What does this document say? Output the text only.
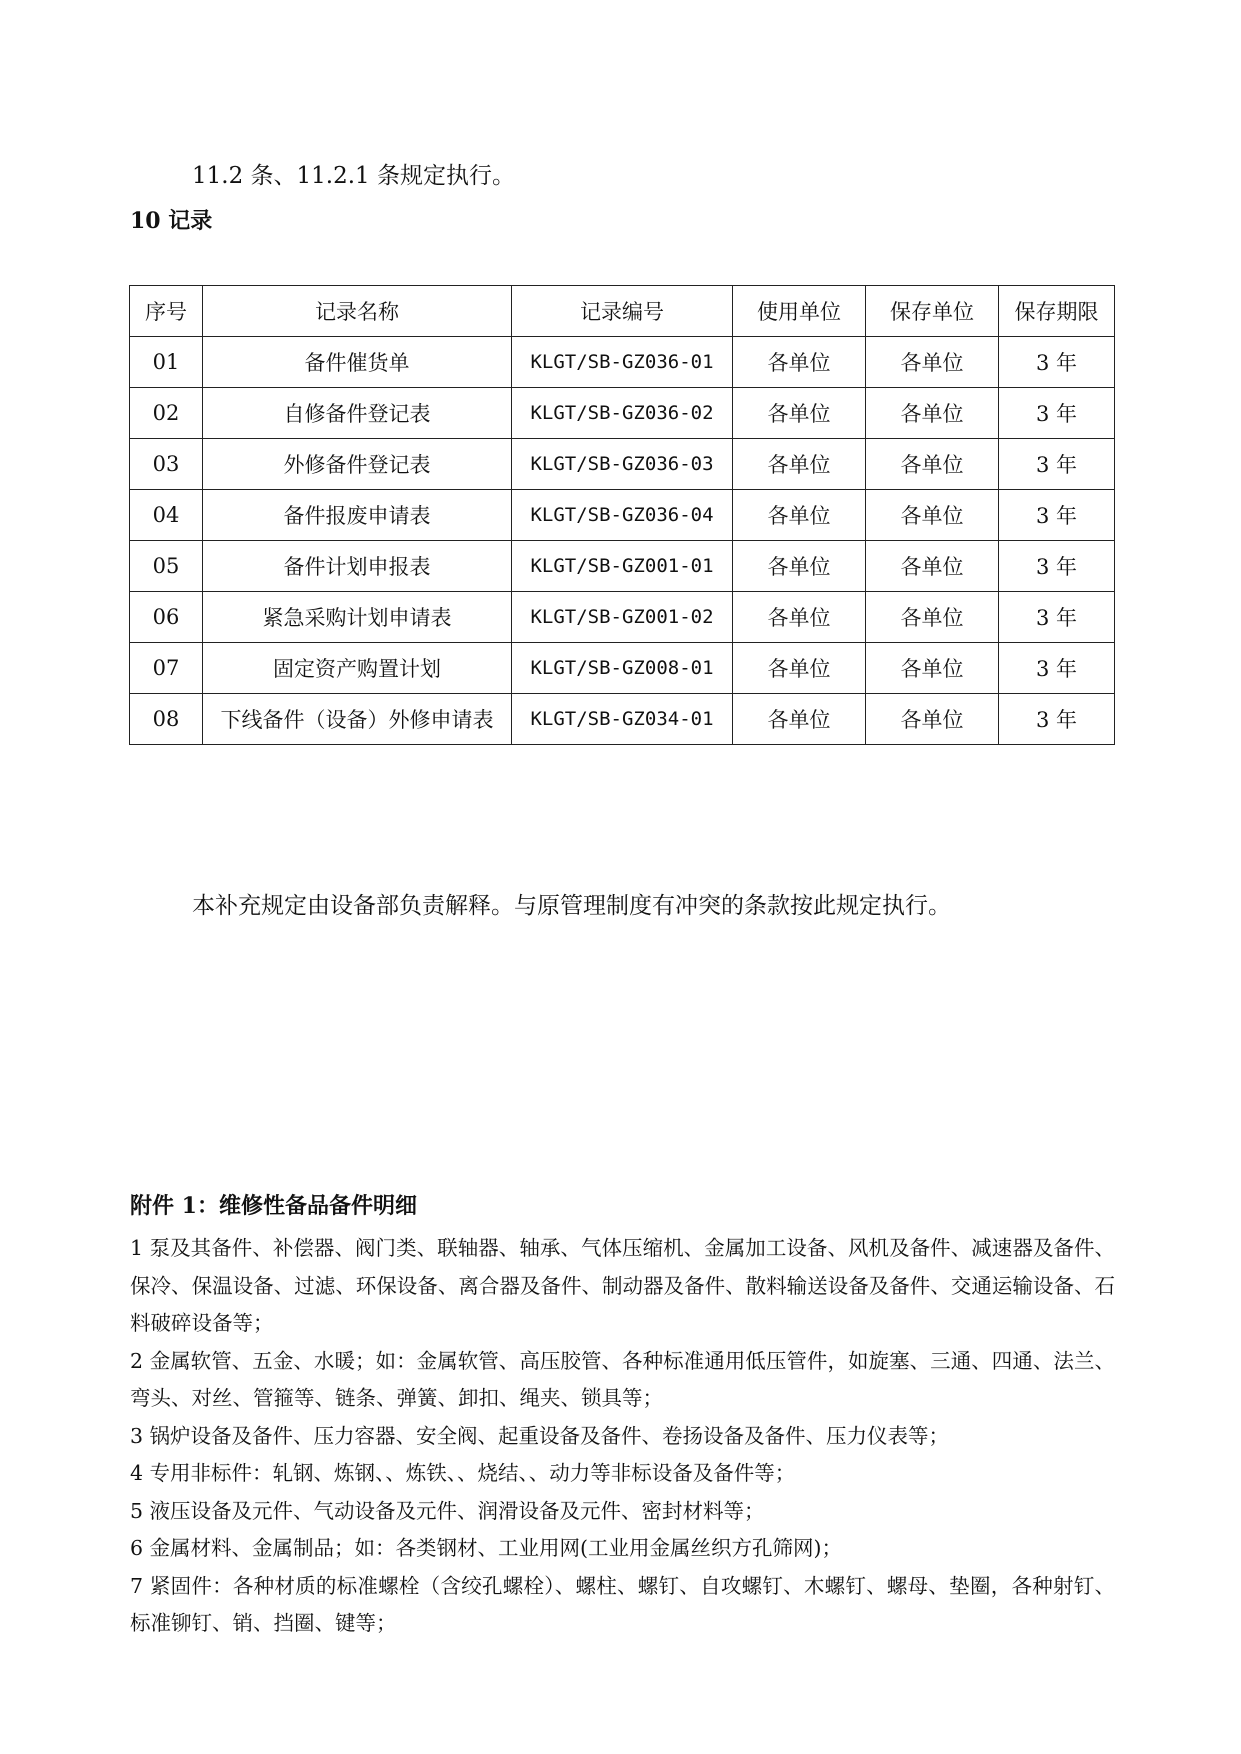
11.2 条、11.2.1 条规定执行。
10 记录
序号	记录名称	记录编号	使用单位	保存单位	保存期限
01	备件催货单	KLGT/SB-GZ036-01	各单位	各单位	3 年
02	自修备件登记表	KLGT/SB-GZ036-02	各单位	各单位	3 年
03	外修备件登记表	KLGT/SB-GZ036-03	各单位	各单位	3 年
04	备件报废申请表	KLGT/SB-GZ036-04	各单位	各单位	3 年
05	备件计划申报表	KLGT/SB-GZ001-01	各单位	各单位	3 年
06	紧急采购计划申请表	KLGT/SB-GZ001-02	各单位	各单位	3 年
07	固定资产购置计划	KLGT/SB-GZ008-01	各单位	各单位	3 年
08	下线备件（设备）外修申请表	KLGT/SB-GZ034-01	各单位	各单位	3 年
本补充规定由设备部负责解释。与原管理制度有冲突的条款按此规定执行。
附件 1：维修性备品备件明细
1 泵及其备件、补偿器、阀门类、联轴器、轴承、气体压缩机、金属加工设备、风机及备件、减速器及备件、保冷、保温设备、过滤、环保设备、离合器及备件、制动器及备件、散料输送设备及备件、交通运输设备、石料破碎设备等；
2 金属软管、五金、水暖；如：金属软管、高压胶管、各种标准通用低压管件，如旋塞、三通、四通、法兰、弯头、对丝、管箍等、链条、弹簧、卸扣、绳夹、锁具等；
3 锅炉设备及备件、压力容器、安全阀、起重设备及备件、卷扬设备及备件、压力仪表等；
4 专用非标件：轧钢、炼钢、、炼铁、、烧结、、动力等非标设备及备件等；
5 液压设备及元件、气动设备及元件、润滑设备及元件、密封材料等；
6 金属材料、金属制品；如：各类钢材、工业用网(工业用金属丝织方孔筛网)；
7 紧固件：各种材质的标准螺栓（含绞孔螺栓）、螺柱、螺钉、自攻螺钉、木螺钉、螺母、垫圈，各种射钉、标准铆钉、销、挡圈、键等；
